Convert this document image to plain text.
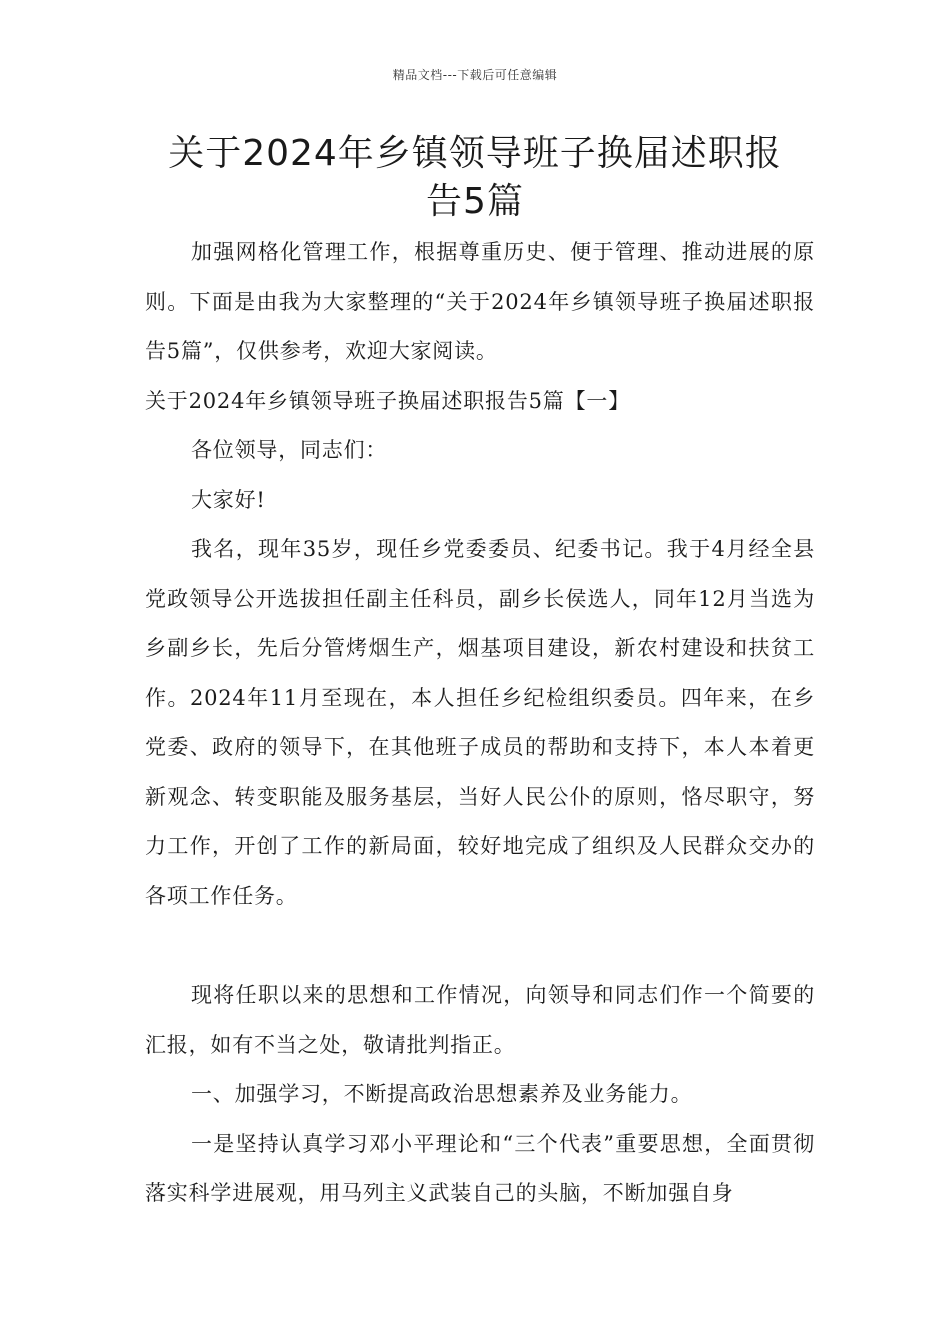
精品文档---下载后可任意编辑
关于2024年乡镇领导班子换届述职报
告5篇

加强网格化管理工作，根据尊重历史、便于管理、推动进展的原则。下面是由我为大家整理的“关于2024年乡镇领导班子换届述职报告5篇”，仅供参考，欢迎大家阅读。

关于2024年乡镇领导班子换届述职报告5篇【一】

各位领导，同志们：

大家好!

我名，现年35岁，现任乡党委委员、纪委书记。我于4月经全县党政领导公开选拔担任副主任科员，副乡长侯选人，同年12月当选为乡副乡长，先后分管烤烟生产，烟基项目建设，新农村建设和扶贫工作。2024年11月至现在，本人担任乡纪检组织委员。四年来，在乡党委、政府的领导下，在其他班子成员的帮助和支持下，本人本着更新观念、转变职能及服务基层，当好人民公仆的原则，恪尽职守，努力工作，开创了工作的新局面，较好地完成了组织及人民群众交办的各项工作任务。

现将任职以来的思想和工作情况，向领导和同志们作一个简要的汇报，如有不当之处，敬请批判指正。

一、加强学习，不断提高政治思想素养及业务能力。

一是坚持认真学习邓小平理论和“三个代表”重要思想，全面贯彻落实科学进展观，用马列主义武装自己的头脑，不断加强自身
